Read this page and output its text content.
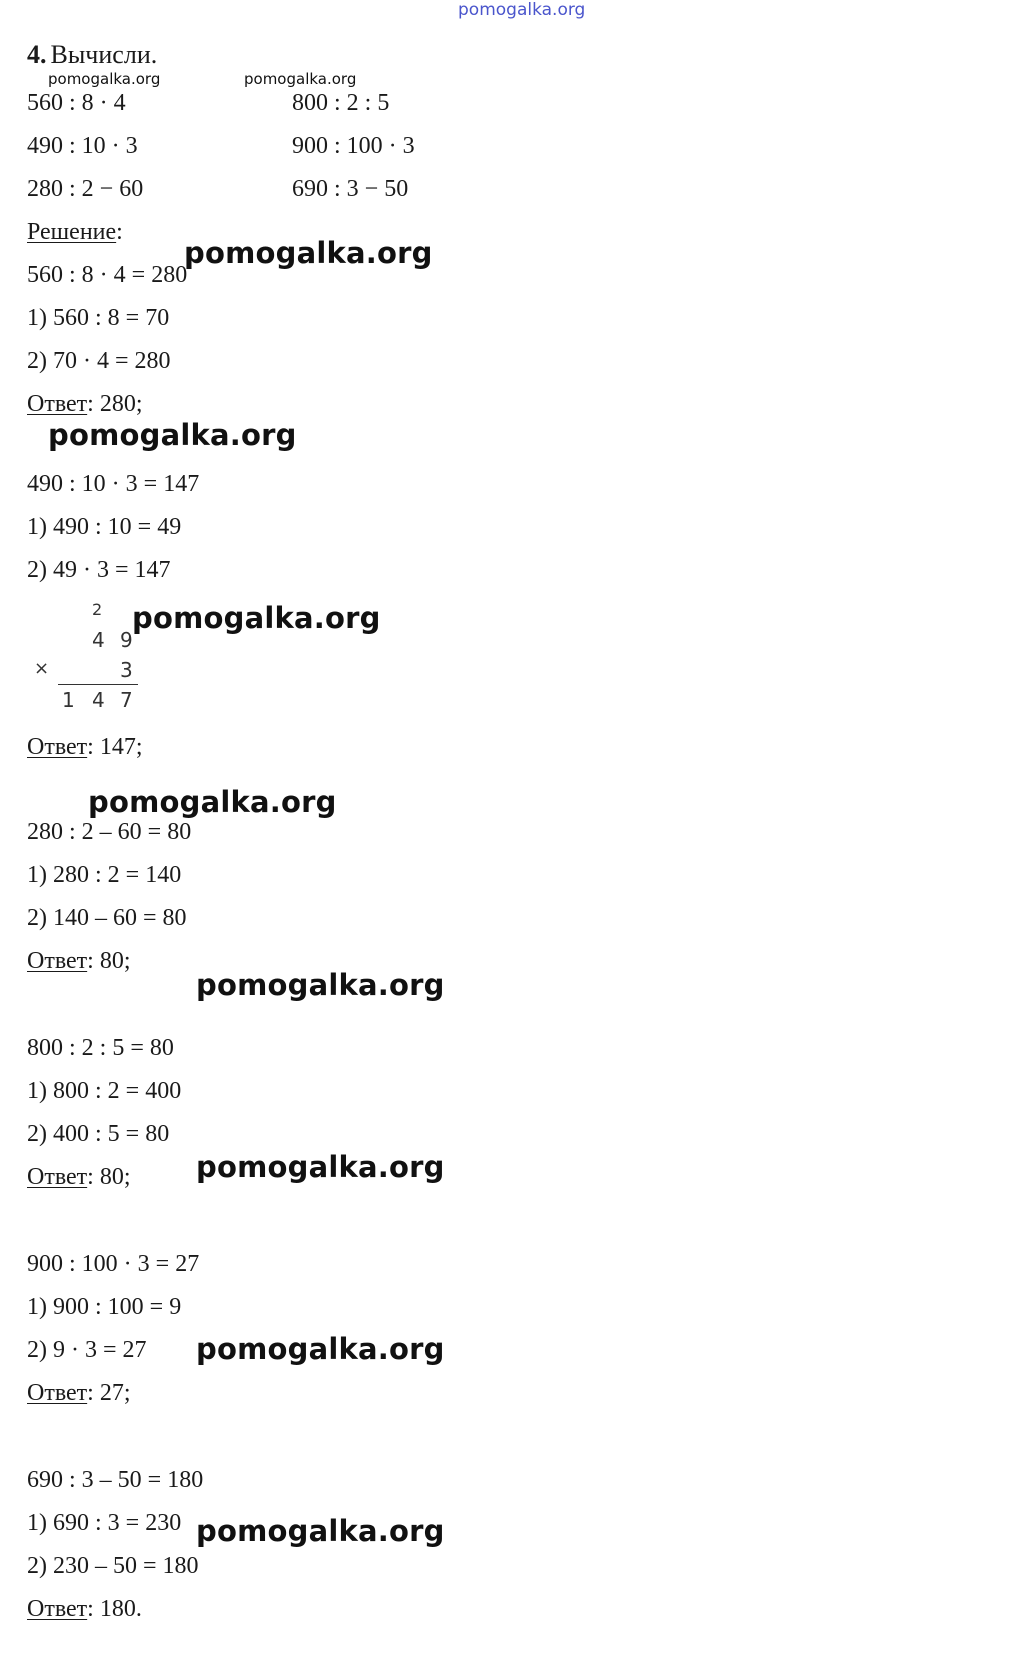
pomogalka.org
4. Вычисли.
pomogalka.org	pomogalka.org
560 : 8 · 4
490 : 10 · 3
280 : 2 − 60
800 : 2 : 5
900 : 100 · 3
690 : 3 − 50
Решение:
560 : 8 · 4 = 280
pomogalka.org
1) 560 : 8 = 70
2) 70 · 4 = 280
Ответ: 280;
pomogalka.org
490 : 10 · 3 = 147
1) 490 : 10 = 49
2) 49 · 3 = 147
2
4 9
×	3
1 4 7
pomogalka.org
Ответ: 147;
pomogalka.org
280 : 2 – 60 = 80
1) 280 : 2 = 140
2) 140 – 60 = 80
Ответ: 80;
pomogalka.org
800 : 2 : 5 = 80
1) 800 : 2 = 400
2) 400 : 5 = 80
Ответ: 80; pomogalka.org
900 : 100 · 3 = 27
1) 900 : 100 = 9
2) 9 · 3 = 27 pomogalka.org
Ответ: 27;
690 : 3 – 50 = 180
1) 690 : 3 = 230 pomogalka.org
2) 230 – 50 = 180
Ответ: 180.
